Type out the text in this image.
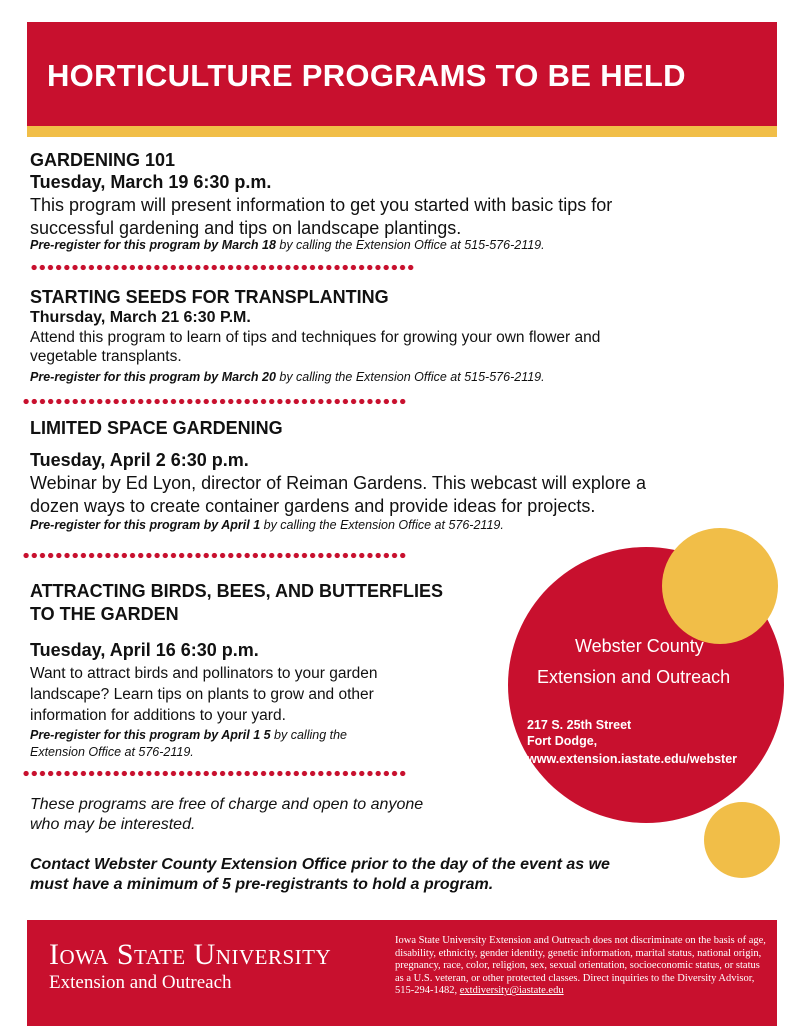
HORTICULTURE PROGRAMS TO BE HELD
GARDENING 101
Tuesday, March 19 6:30 p.m.
This program will present information to get you started with basic tips for
successful gardening and tips on landscape plantings.
Pre-register for this program by March 18 by calling the Extension Office at 515-576-2119.
STARTING SEEDS FOR TRANSPLANTING
Thursday, March 21 6:30 P.M.
Attend this program to learn of tips and techniques for growing your own flower and
vegetable transplants.
Pre-register for this program by March 20 by calling the Extension Office at 515-576-2119.
LIMITED SPACE GARDENING
Tuesday, April 2 6:30 p.m.
Webinar by Ed Lyon, director of Reiman Gardens. This webcast will explore a
dozen ways to create container gardens and provide ideas for projects.
Pre-register for this program by April 1 by calling the Extension Office at 576-2119.
ATTRACTING BIRDS, BEES, AND BUTTERFLIES
TO THE GARDEN
Tuesday, April 16 6:30 p.m.
Want to attract birds and pollinators to your garden
landscape? Learn tips on plants to grow and other
information for additions to your yard.
Pre-register for this program by April 1 5 by calling the
Extension Office at 576-2119.
These programs are free of charge and open to anyone
who may be interested.
Contact Webster County Extension Office prior to the day of the event as we
must have a minimum of 5 pre-registrants to hold a program.
Webster County
Extension and Outreach
217 S. 25th Street
Fort Dodge,
www.extension.iastate.edu/webster
Iowa State University
Extension and Outreach
Iowa State University Extension and Outreach does not discriminate on the basis of age, disability, ethnicity, gender identity, genetic information, marital status, national origin, pregnancy, race, color, religion, sex, sexual orientation, socioeconomic status, or status as a U.S. veteran, or other protected classes. Direct inquiries to the Diversity Advisor, 515-294-1482, extdiversity@iastate.edu
